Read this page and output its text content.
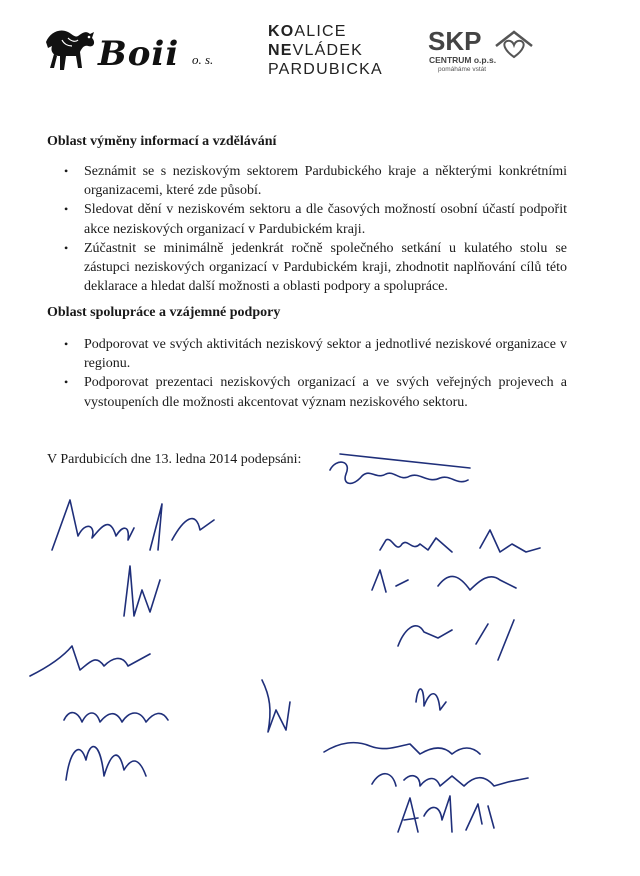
Boii o. s.
KOALICE
NEVLÁDEK
PARDUBICKA
SKP
CENTRUM o.p.s.
pomáháme vstát

Oblast výměny informací a vzdělávání

• Seznámit se s neziskovým sektorem Pardubického kraje a některými konkrétními organizacemi, které zde působí.
• Sledovat dění v neziskovém sektoru a dle časových možností osobní účastí podpořit akce neziskových organizací v Pardubickém kraji.
• Zúčastnit se minimálně jedenkrát ročně společného setkání u kulatého stolu se zástupci neziskových organizací v Pardubickém kraji, zhodnotit naplňování cílů této deklarace a hledat další možnosti a oblasti podpory a spolupráce.

Oblast spolupráce a vzájemné podpory

• Podporovat ve svých aktivitách neziskový sektor a jednotlivé neziskové organizace v regionu.
• Podporovat prezentaci neziskových organizací a ve svých veřejných projevech a vystoupeních dle možnosti akcentovat význam neziskového sektoru.
V Pardubicích dne 13. ledna 2014 podepsáni:
